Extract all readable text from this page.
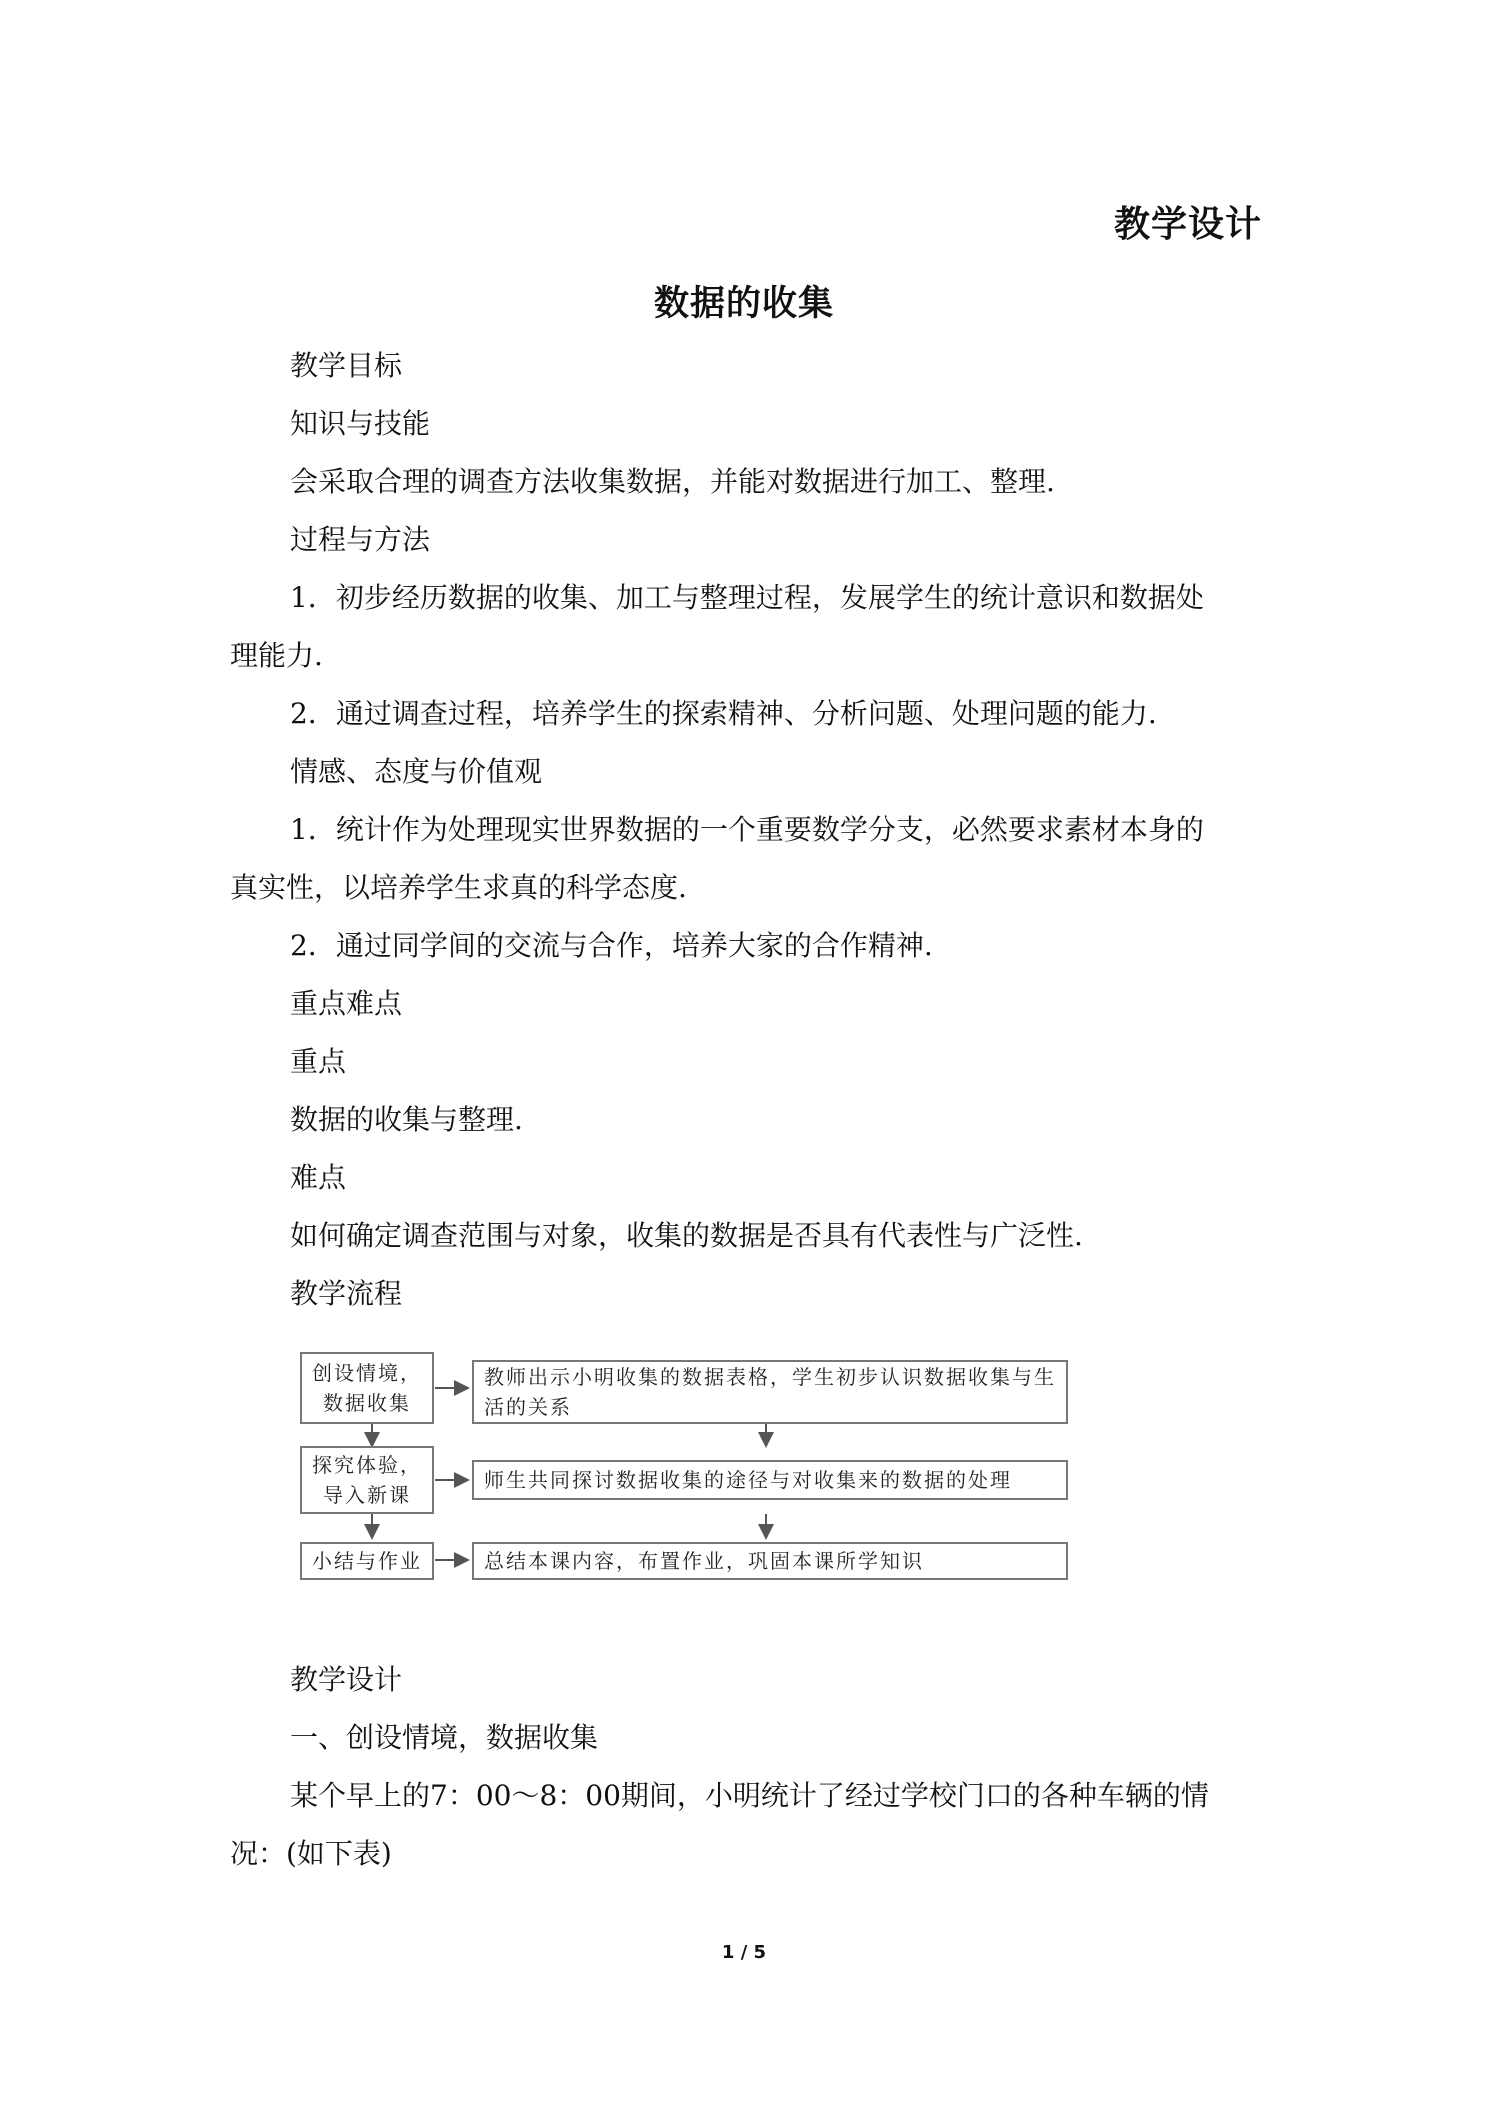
教学设计
数据的收集
教学目标
知识与技能
会采取合理的调查方法收集数据，并能对数据进行加工、整理.
过程与方法
1．初步经历数据的收集、加工与整理过程，发展学生的统计意识和数据处
理能力.
2．通过调查过程，培养学生的探索精神、分析问题、处理问题的能力.
情感、态度与价值观
1．统计作为处理现实世界数据的一个重要数学分支，必然要求素材本身的
真实性，以培养学生求真的科学态度.
2．通过同学间的交流与合作，培养大家的合作精神.
重点难点
重点
数据的收集与整理.
难点
如何确定调查范围与对象，收集的数据是否具有代表性与广泛性.
教学流程
创设情境，
数据收集
教师出示小明收集的数据表格，学生初步认识数据收集与生
活的关系
探究体验，
导入新课
师生共同探讨数据收集的途径与对收集来的数据的处理
小结与作业	总结本课内容，布置作业，巩固本课所学知识
教学设计
一、创设情境，数据收集
某个早上的7：00～8：00期间，小明统计了经过学校门口的各种车辆的情
况：(如下表)
1 / 5
